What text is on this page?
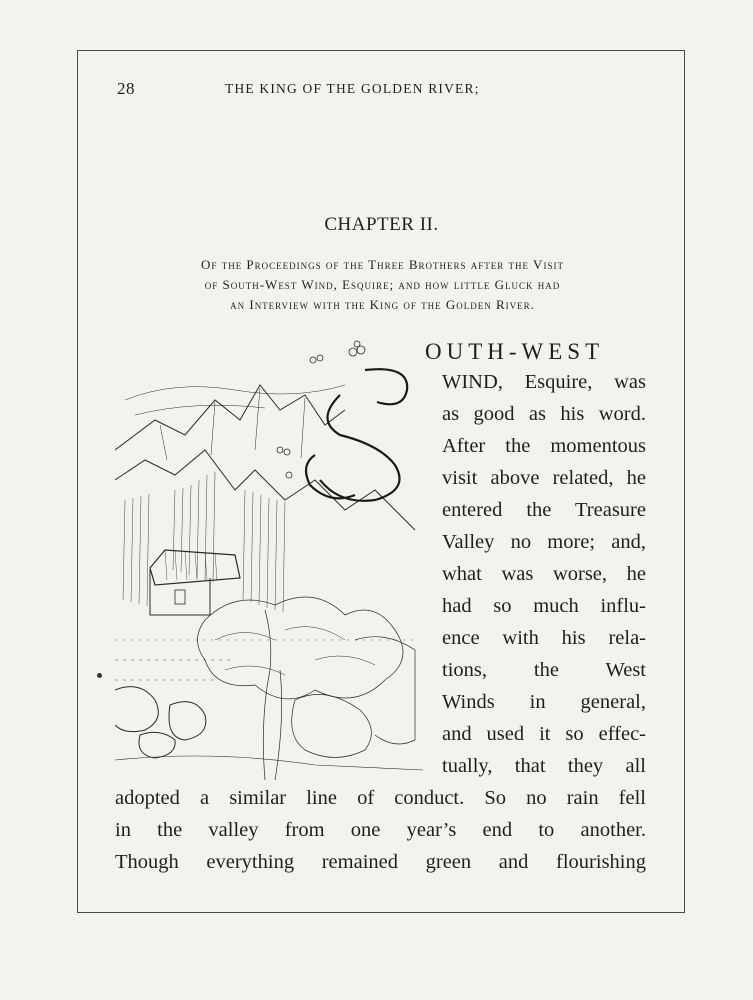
28	THE KING OF THE GOLDEN RIVER;
CHAPTER II.
Of the Proceedings of the Three Brothers after the Visit
of South-West Wind, Esquire; and how little Gluck had
an Interview with the King of the Golden River.
OUTH-WEST
WIND, Esquire, was
as good as his word.
After the momentous
visit above related, he
entered the Treasure
Valley no more; and,
what was worse, he
had so much influ-
ence with his rela-
tions, the West
Winds in general,
and used it so effec-
tually, that they all
adopted a similar line of conduct. So no rain fell
in the valley from one year’s end to another.
Though everything remained green and flourishing
